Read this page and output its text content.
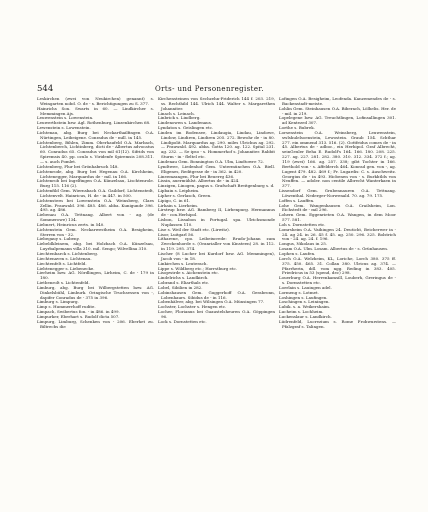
544	Orts- und Personenregister.
Leskirchen (zwei von Neukirchen) genannt) s. Weingarten nobd. O. de - s. Berichtigungen zu S. 377.
Hainrichs Son. Swarts in 60. — Lindkircher s. Memmingen Ajs.
Leuwenstein s. Lowenstein.
Leuwerthstein bzw. Agl. Rothenburg, Linzenkirchen 68.
Lewenstein s. Lowenstein.
Lichtenau, abg. Burg bei Neckarthailfingen O.A. Nürtingen, Leibeigene. Conradus de - mill. in 145.
Lichtenberg, Bihlen, Zimm. Oberhaufeld O.A. Marbach, Lichtenberch, Lichtinberg, dicti de - Albertus advocatus 60. Conradus 65. Conradus von mil 61(12). Sifrids von Spiremsis 40. pp. oculo s. Viridenfe Spiremsis 208.311. — s. auch Pomlet.
Lichtenberg, Flur bei Grönhabruch 148.
Lichtenrode, abg. Burg bei Hegenau O.A. Kirchheim, Lichtenegger, Marquardus de - mil. in 166.
Lichtenrob bei Ingelfingen O.A. Künzelsau, Lischtenrole. Burg 115. 116 (2).
Lichtenfild Gem. Wiernsbach O.A. Gaildorf, Lichtenstedt, Lichtenvelt. Hainricus, H. de - in 447. in 500.
Lichtenstern bei Lowenstein O.A. Weinsberg, Claes Zellin. Frauwald. 396. 485. 486. abba. Kunigunde 396. 495. ag. 486.
Liebenau O.A. Tettnang. Albert von - ag. (de Sommerowe) 134.
Liebnert, Heinricus zerts. in 540.
Lichtenstein Gem. Neckarwestheim O.A. Besigheim, Sterren von - 32.
Liebegauy s. Lubeny.
Liebeldkleinem, abg. bei Holzbach O.A. Künzelsau, Luyrbalpemann villa 310. mil. Sengo; Wilvellina 310.
Liechtenbarck s. Lichtenberg.
Liechtenaven s. Lichtenau.
Liechtenfelt s. Lichtfeld.
Liebtenegger s. Liebenecke.
Lierheim bzw. AG. Nördlingen, Lirheim, C. de - 179 in 180.
Lietbenrolt s. Lichtenfeld.
Limburg, abg. Burg bei Wilbergstetten bzw. AG. Dinkelsbühl, Limburk. Oringische Truchsessen von -, dapifer Conradus de - 375 in 396.
Limburg s. Limpurg.
Limp s. Hummerrhoff rudite.
Limpach, Swibertus fon. - in 486. in 499.
Limpurker, Eberhart s. Rudolf dicta 507.
Limpurg, Limburg, Schenken von - 206. Eberhet zu. Biltrecbs die
Kirchensteinen von Sechzehn-Friderich 144 f. 203. 219, ss. Rechthild 144. Ulrich 144. Walter s. Margarethen Johanniter.
Linach s. Leinach.
Linbrick s. Lindberg.
Lindenowen s. Landenaus.
Lyndaton s. Geislingen etc.
Linden im Bodensee, Lindaugia, Lindau, Lindowe, Lindow, Lindiren, Lindiren 205. 272. Bewohr de - in 80. Lindipolit. Marquardus ag. 290. miles Ulrichus ag. 292. — Frauwald. 492. abba. Gotta 120. ag. 122. Spital 231. ag. 232. — Se ipso - s. Hommerhof s. Johanniter. Rabbit Sturm - in - fleltel etc.
Lindenau Gem. Bonnington O.A. Ulm, Lindtowre 72.
Lyndtwee, Liedenhof Gem. Untermünchen O.A. Biell. Eligenes, Reditgesse de - in 362. in 420.
Lineemzangen, Flur bei Beuerrg 436.
Lissin, auermühlst. Albertus de - in 424.
Linzigen, Linogen, pagus s. Grafschaft Breitgenburg s. d.
Lipbain s. Leipheim.
Lipher s. Gerlasch, Green.
Lipigo, C. in 61.
Lirhain s. Lierheim.
Lirstrup bzw. AG. Bamberg II, Lirbenpurg. Hermannus de - con.Herhipol.
Lisbon, Lissabon in Portugal. spa. Ulrichsmonde Nuplassen 110.
Lise s. Weil der Stadt etc. (Lirwitz).
Lisor, Luitgarl 56.
Litharene, cpo. Leibeixcrede: Rrudo-Johann zum Zweckenhorde s. (Oranrialler von Kinsteen) 28. in 112. in 119. 295. 374.
Lischer (8 Lucher bei Kurdorf bzw. AG. Memmingen), Jacob von - in 18.
Linkirchen s. Leuterach.
Lippe s. Wildberg etc.; Horrstburg etc.
Lisopwirde s. Aichenstein etc.
Lindelrichs s. Landkirch.
Lobrand s. Eliarthals etc.
Lobel, Sibilien in 282.
Lobinshausen Gem. Guggerhoff O.A. Gerabronn, Lobenhaurs. Sibidus de - in 116.
Lobenhälver, abg. bei Wilsingen O.A. Münsingen 77.
Lochster, Lochster s. Hengen etc.
Locher, Florianus bei Guaustelsheuren O.A. Göppingen 96.
Lock s. Dornstetten etc.
Lofingen O.A. Besigheim, Leofenda. Kanzemendes de - s. Backenstadt-meiste.
Lohlin Gem. Steinhausen O.A. Biberach, Lölhelis. Her. de - mil. in 219.
Lopelegene bzw. AG. Treuchtlingen, Lofinsallingen 301. ad Kentezed 307.
Loethe s. Bubrek.
Lorsenstein O.A. Weinsberg, Leuwenstein, swlshulelsoenstein, Lewostein. Graub 154. Schthar 277. ein ommend 313. 516. (2). Gottfridus comes de - in 45. Albertus de - adboc., ein Herhipol. Graf Albrecht, seinGeuler Beha E. Rudolf's 164. 166. 180. 208. 225. 227. ag. 227. 281. 282. 380. 310. 312. 334. 372 f.; ag. 119 (zwei) 166. ag. 257. 338; gibt Tochter in 166. Berthold von - s. Affelderch 464. Konrad gen. von -, ag. Lugent 479. 482. 469 f.; Fr. Lugardis: C. s. Auschweitz. Georgius de - in 493. Hicbenen von - s. Burkhtlds von Neuffen. — adoler. non centile Albrecht Wanterkaen in 377.
Lissendorf Gem. Grubennauren O.A. Tettnang. Löwenthal. Nederger-Norwenald. 70. ag. 79. 175.
Loffen s. Lauffen.
Lohe Gem. Wangenhausen O.A. Crailsheim, Lon. Eichstedt de - mil 296.
Lohern Gem. Eggenrieten O.A. Wangen, in dem Moor 577. 581.
Loh s. Dornstetten etc.
Lomrsheim O.A. Vaihingen 24. Deuticht, Beicherwer in - 24. ag 24. in 26. 45 f. 45. ag. 250. 296. 325. Bolstrich von - 24. ag. 24. f. 196.
Longus, Nikolaus in 25.
Losam O.A. Ulm. Losam. Albertus de - s. Grünhausen.
Lophen s. Laufen.
Lorch O.A. Welzheim, KL, Loriche, Lorch 380. 375 ff. 375. 450. 465. 31. Collan 380. Ulricus ag. 374. — Pfarrherin, ddl. vom ngg. Reding in 383. 405. Friedricus in 53 (spend, dec) 298.
Louerburg O.A. Herrenkamsill, Louberh, Greringus de - s. Dormstetten etc.
Loerlain s. Lauingen adel.
Lormeng s. Lotmet.
Loshingen s. Laufingen.
Loschingen s. Leiningen.
Lubik. s. a. Weikershaim.
Lucheim s. Lochheim.
Luckenslaur s. Landkirch.
Lüdrenfeld, Lucrezium s. Rome Frohwurstens. — Pfalzgraf s. Talingen.
